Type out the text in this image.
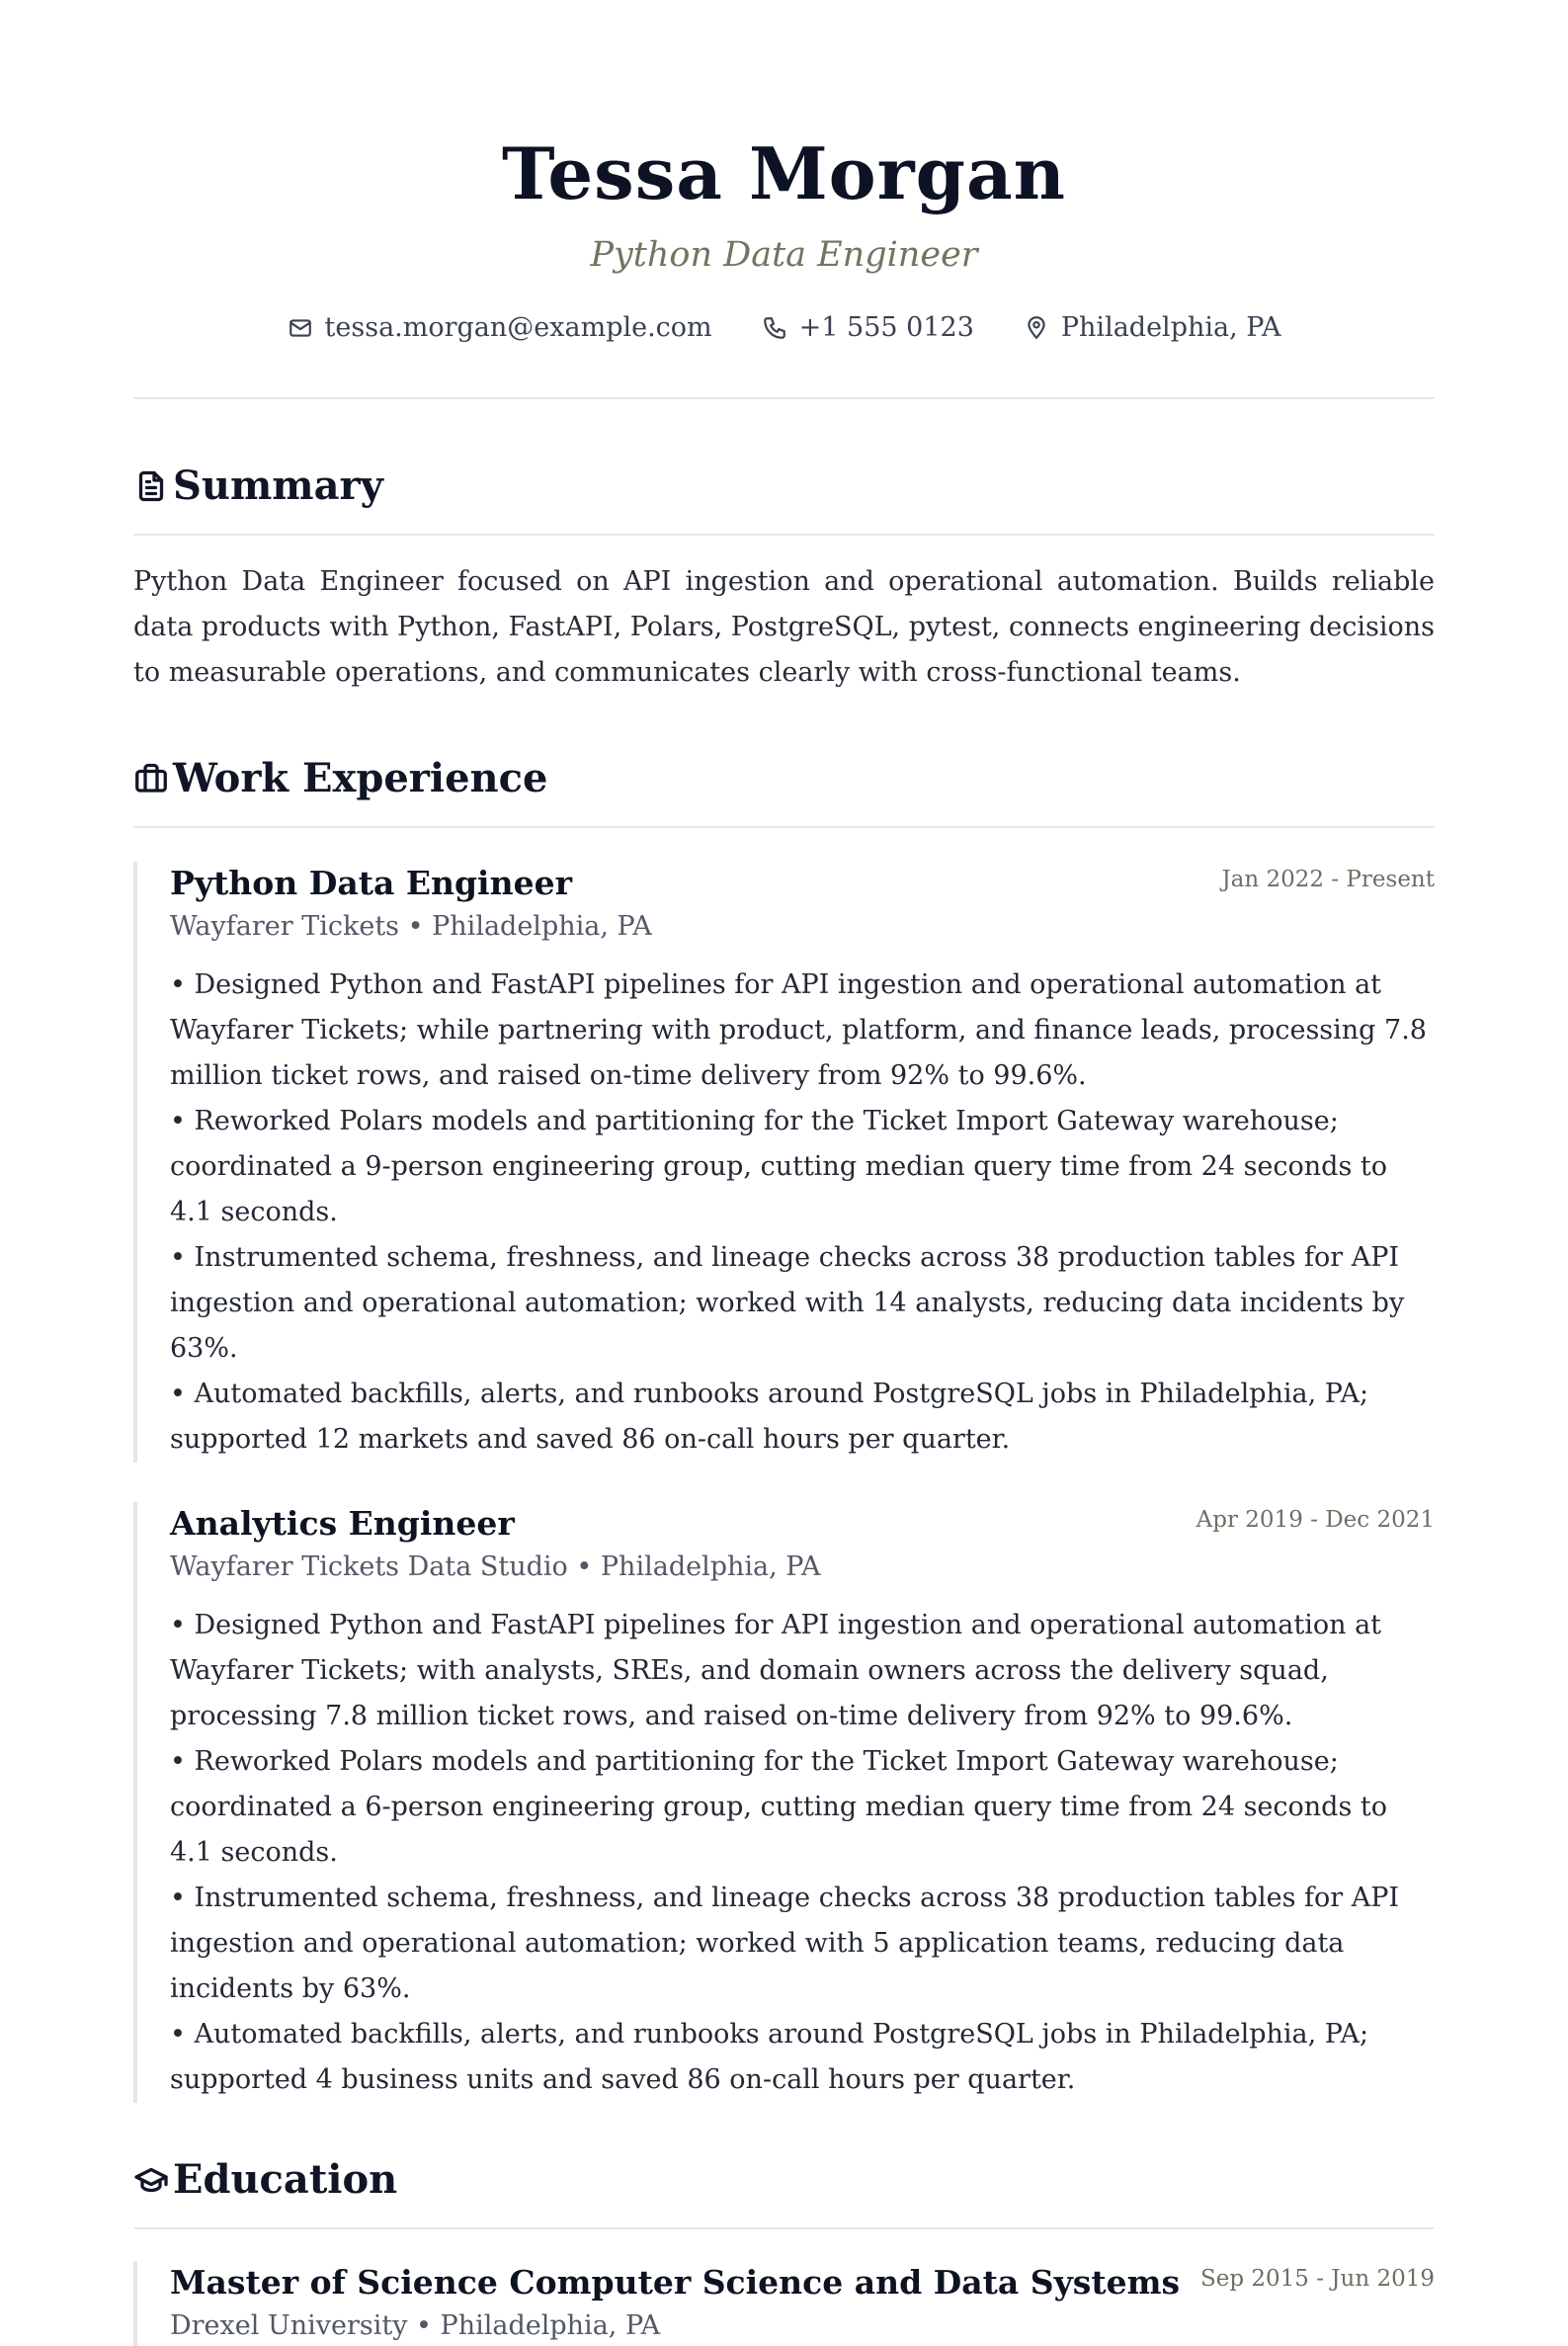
Tessa Morgan
Python Data Engineer
tessa.morgan@example.com	+1 555 0123	Philadelphia, PA
Summary
Python Data Engineer focused on API ingestion and operational automation. Builds reliable data products with Python, FastAPI, Polars, PostgreSQL, pytest, connects engineering decisions to measurable operations, and communicates clearly with cross-functional teams.
Work Experience
Python Data Engineer	Jan 2022 - Present
Wayfarer Tickets • Philadelphia, PA
• Designed Python and FastAPI pipelines for API ingestion and operational automation at Wayfarer Tickets; while partnering with product, platform, and finance leads, processing 7.8 million ticket rows, and raised on-time delivery from 92% to 99.6%.
• Reworked Polars models and partitioning for the Ticket Import Gateway warehouse; coordinated a 9-person engineering group, cutting median query time from 24 seconds to 4.1 seconds.
• Instrumented schema, freshness, and lineage checks across 38 production tables for API ingestion and operational automation; worked with 14 analysts, reducing data incidents by 63%.
• Automated backfills, alerts, and runbooks around PostgreSQL jobs in Philadelphia, PA; supported 12 markets and saved 86 on-call hours per quarter.
Analytics Engineer	Apr 2019 - Dec 2021
Wayfarer Tickets Data Studio • Philadelphia, PA
• Designed Python and FastAPI pipelines for API ingestion and operational automation at Wayfarer Tickets; with analysts, SREs, and domain owners across the delivery squad, processing 7.8 million ticket rows, and raised on-time delivery from 92% to 99.6%.
• Reworked Polars models and partitioning for the Ticket Import Gateway warehouse; coordinated a 6-person engineering group, cutting median query time from 24 seconds to 4.1 seconds.
• Instrumented schema, freshness, and lineage checks across 38 production tables for API ingestion and operational automation; worked with 5 application teams, reducing data incidents by 63%.
• Automated backfills, alerts, and runbooks around PostgreSQL jobs in Philadelphia, PA; supported 4 business units and saved 86 on-call hours per quarter.
Education
Master of Science Computer Science and Data Systems Sep 2015 - Jun 2019
Drexel University • Philadelphia, PA
